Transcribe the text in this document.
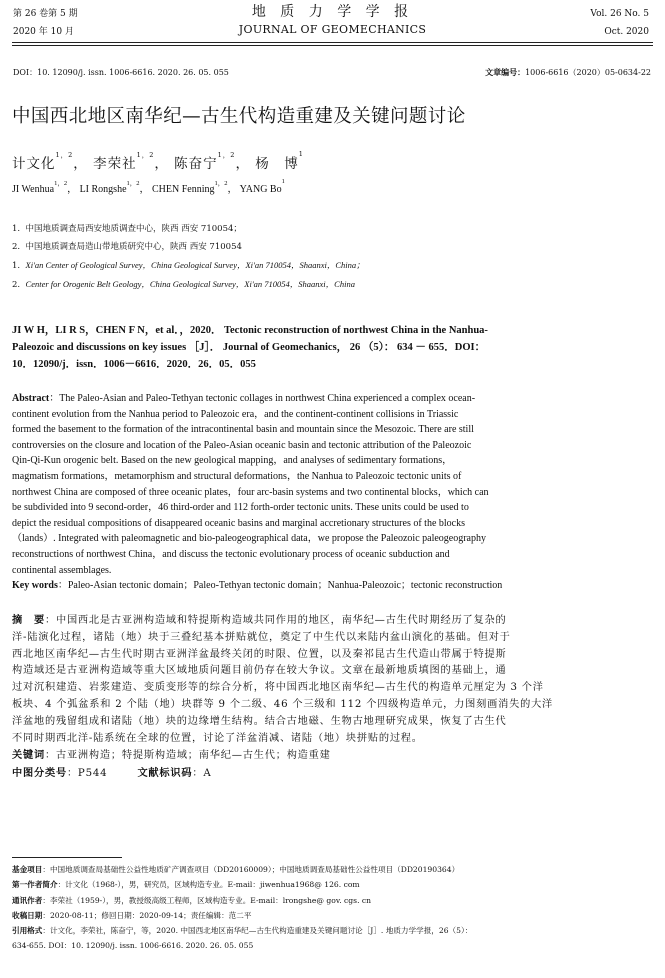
第 26 卷第 5 期
2020 年 10 月
地 质 力 学 学 报
JOURNAL OF GEOMECHANICS
Vol. 26 No. 5
Oct. 2020
DOI：10. 12090/j. issn. 1006-6616. 2020. 26. 05. 055	文章编号：1006-6616（2020）05-0634-22
中国西北地区南华纪—古生代构造重建及关键问题讨论
计文化$^{1,2}$， 李荣社$^{1,2}$， 陈奋宁$^{1,2}$， 杨　博$^1$
JI Wenhua$^{1,2}$， LI Rongshe$^{1,2}$， CHEN Fenning$^{1,2}$， YANG Bo$^1$
1. 中国地质调查局西安地质调查中心，陕西 西安 710054；
2. 中国地质调查局造山带地质研究中心，陕西 西安 710054
1. Xi'an Center of Geological Survey，China Geological Survey，Xi'an 710054，Shaanxi，China；
2. Center for Orogenic Belt Geology，China Geological Survey，Xi'an 710054，Shaanxi，China
JI W H，LI R S，CHEN F N，et al．，2020． Tectonic reconstruction of northwest China in the Nanhua-
Paleozoic and discussions on key issues ［J］． Journal of Geomechanics， 26 （5）： 634 － 655．DOI：
10．12090/j．issn．1006－6616．2020．26．05．055
Abstract：The Paleo-Asian and Paleo-Tethyan tectonic collages in northwest China experienced a complex ocean-
continent evolution from the Nanhua period to Paleozoic era，and the continent-continent collisions in Triassic
formed the basement to the formation of the intracontinental basin and mountain since the Mesozoic. There are still
controversies on the closure and location of the Paleo-Asian oceanic basin and tectonic attribution of the Paleozoic
Qin-Qi-Kun orogenic belt. Based on the new geological mapping，and analyses of sedimentary formations，
magmatism formations，metamorphism and structural deformations，the Nanhua to Paleozoic tectonic units of
northwest China are composed of three oceanic plates，four arc-basin systems and two continental blocks，which can
be subdivided into 9 second-order，46 third-order and 112 forth-order tectonic units. These units could be used to
depict the residual compositions of disappeared oceanic basins and marginal accretionary structures of the blocks
（lands）. Integrated with paleomagnetic and bio-paleogeographical data，we propose the Paleozoic paleogeography
reconstructions of northwest China，and discuss the tectonic evolutionary process of oceanic subduction and
continental assemblages.
Key words：Paleo-Asian tectonic domain；Paleo-Tethyan tectonic domain；Nanhua-Paleozoic；tectonic reconstruction
摘　要：中国西北是古亚洲构造域和特提斯构造域共同作用的地区，南华纪—古生代时期经历了复杂的
洋-陆演化过程，诸陆（地）块于三叠纪基本拼贴就位，奠定了中生代以来陆内盆山演化的基础。但对于
西北地区南华纪—古生代时期古亚洲洋盆最终关闭的时限、位置，以及秦祁昆古生代造山带属于特提斯
构造域还是古亚洲构造域等重大区域地质问题目前仍存在较大争议。文章在最新地质填图的基础上，通
过对沉积建造、岩浆建造、变质变形等的综合分析，将中国西北地区南华纪—古生代的构造单元厘定为 3 个洋
板块、4 个弧盆系和 2 个陆（地）块群等 9 个二级、46 个三级和 112 个四级构造单元，力图刻画消失的大洋
洋盆地的残留组成和诸陆（地）块的边缘增生结构。结合古地磁、生物古地理研究成果，恢复了古生代
不同时期西北洋-陆系统在全球的位置，讨论了洋盆消减、诸陆（地）块拼贴的过程。
关键词：古亚洲构造；特提斯构造域；南华纪—古生代；构造重建
中图分类号：P544	文献标识码：A
基金项目：中国地质调查局基础性公益性地质矿产调查项目（DD20160009）；中国地质调查局基础性公益性项目（DD20190364）
第一作者简介：计文化（1968-），男，研究员，区域构造专业。E-mail：jiwenhua1968@ 126. com
通讯作者：李荣社（1959-），男，教授级高级工程师，区域构造专业。E-mail：lrongshe@ gov. cgs. cn
收稿日期：2020-08-11；修回日期：2020-09-14；责任编辑：范二平
引用格式：计文化，李荣社，陈奋宁，等，2020. 中国西北地区南华纪—古生代构造重建及关键问题讨论［J］. 地质力学学报，26（5）：
634-655. DOI：10. 12090/j. issn. 1006-6616. 2020. 26. 05. 055
